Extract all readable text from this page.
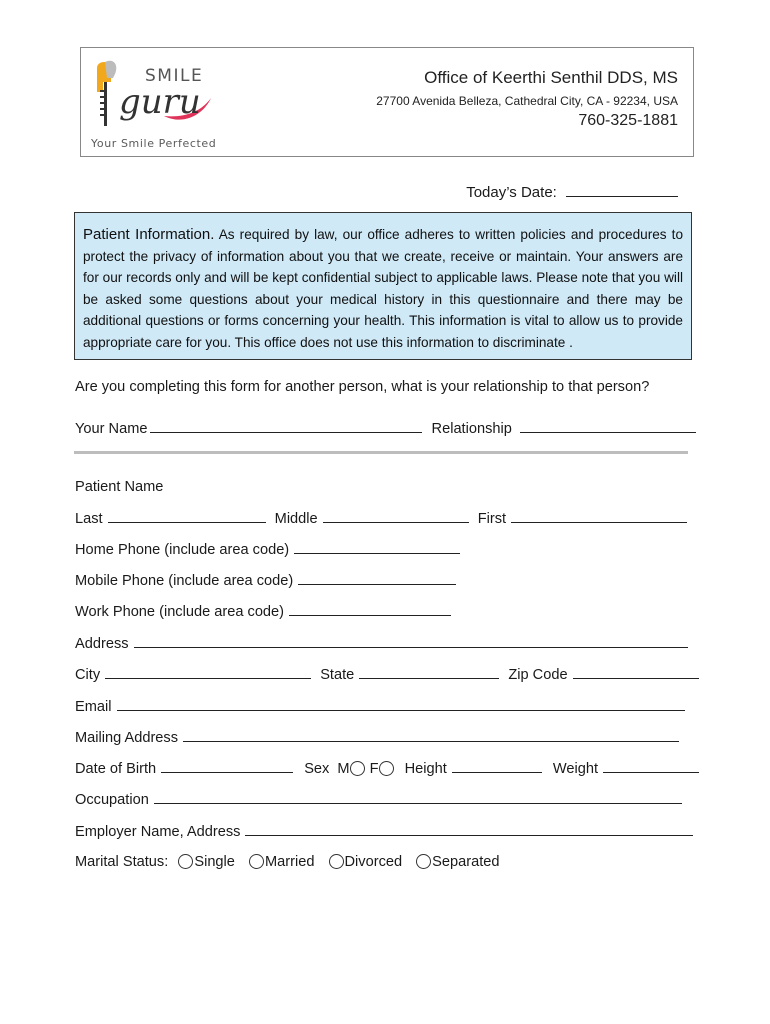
SMILE
guru
Your Smile Perfected
Office of Keerthi Senthil DDS, MS
27700 Avenida Belleza, Cathedral City, CA - 92234, USA
760-325-1881
Today’s Date:
Patient Information. As required by law, our office adheres to written policies and procedures to protect the privacy of information about you that we create, receive or maintain. Your answers are for our records only and will be kept confidential subject to applicable laws. Please note that you will be asked some questions about your medical history in this questionnaire and there may be additional questions or forms concerning your health. This information is vital to allow us to provide appropriate care for you. This office does not use this information to discriminate .
Are you completing this form for another person, what is your relationship to that person?
Your Name	Relationship
Patient Name
Last	Middle	First
Home Phone (include area code)
Mobile Phone (include area code)
Work Phone (include area code)
Address
City	State	Zip Code
Email
Mailing Address
Date of Birth	Sex M F Height	Weight
Occupation
Employer Name, Address
Marital Status: Single Married Divorced Separated
